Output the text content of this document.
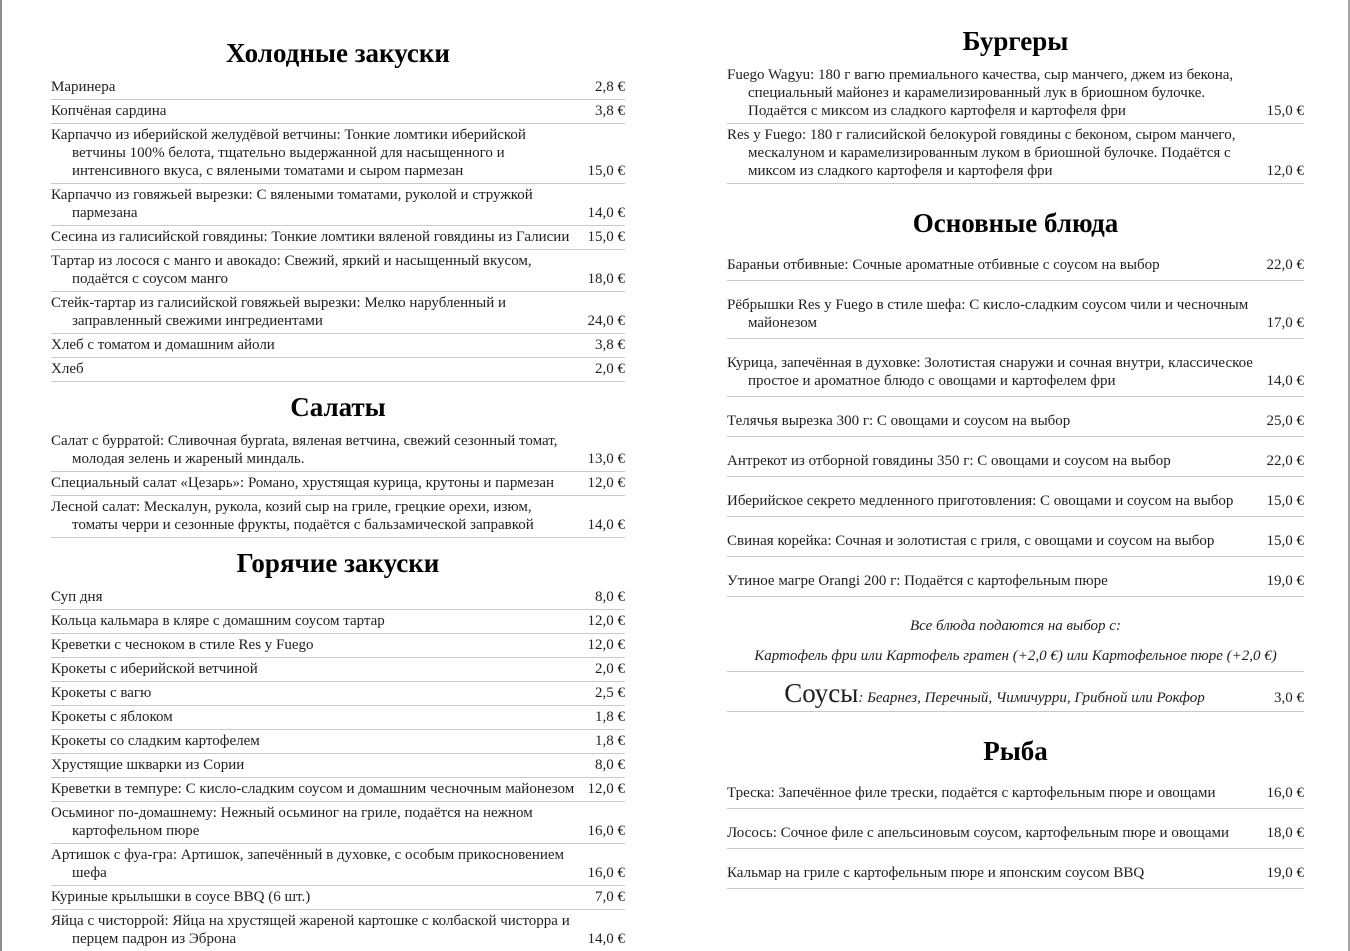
Холодные закуски
Маринера	2,8 €
Копчёная сардина	3,8 €
Карпаччо из иберийской желудёвой ветчины: Тонкие ломтики иберийской ветчины 100% белота, тщательно выдержанной для насыщенного и интенсивного вкуса, с вялеными томатами и сыром пармезан	15,0 €
Карпаччо из говяжьей вырезки: С вялеными томатами, руколой и стружкой пармезана	14,0 €
Сесина из галисийской говядины: Тонкие ломтики вяленой говядины из Галисии	15,0 €
Тартар из лосося с манго и авокадо: Свежий, яркий и насыщенный вкусом, подаётся с соусом манго	18,0 €
Стейк-тартар из галисийской говяжьей вырезки: Мелко нарубленный и заправленный свежими ингредиентами	24,0 €
Хлеб с томатом и домашним айоли	3,8 €
Хлеб	2,0 €
Салаты
Салат с бурратой: Сливочная бурrata, вяленая ветчина, свежий сезонный томат, молодая зелень и жареный миндаль.	13,0 €
Специальный салат «Цезарь»: Романо, хрустящая курица, крутоны и пармезан	12,0 €
Лесной салат: Мескалун, рукола, козий сыр на гриле, грецкие орехи, изюм, томаты черри и сезонные фрукты, подаётся с бальзамической заправкой	14,0 €
Горячие закуски
Суп дня	8,0 €
Кольца кальмара в кляре с домашним соусом тартар	12,0 €
Креветки с чесноком в стиле Res y Fuego	12,0 €
Крокеты с иберийской ветчиной	2,0 €
Крокеты с вагю	2,5 €
Крокеты с яблоком	1,8 €
Крокеты со сладким картофелем	1,8 €
Хрустящие шкварки из Сории	8,0 €
Креветки в темпуре: С кисло-сладким соусом и домашним чесночным майонезом 12,0 €
Осьминог по-домашнему: Нежный осьминог на гриле, подаётся на нежном картофельном пюре	16,0 €
Артишок с фуа-гра: Артишок, запечённый в духовке, с особым прикосновением шефа	16,0 €
Куриные крылышки в соусе BBQ (6 шт.)	7,0 €
Яйца с чисторрой: Яйца на хрустящей жареной картошке с колбаской чисторра и перцем падрон из Эброна	14,0 €
Бургеры
Fuego Wagyu: 180 г вагю премиального качества, сыр манчего, джем из бекона, специальный майонез и карамелизированный лук в бриошном булочке. Подаётся с миксом из сладкого картофеля и картофеля фри	15,0 €
Res y Fuego: 180 г галисийской белокурой говядины с беконом, сыром манчего, мескалуном и карамелизированным луком в бриошной булочке. Подаётся с миксом из сладкого картофеля и картофеля фри	12,0 €
Основные блюда
Бараньи отбивные: Сочные ароматные отбивные с соусом на выбор	22,0 €
Рёбрышки Res y Fuego в стиле шефа: С кисло-сладким соусом чили и чесночным майонезом	17,0 €
Курица, запечённая в духовке: Золотистая снаружи и сочная внутри, классическое простое и ароматное блюдо с овощами и картофелем фри	14,0 €
Телячья вырезка 300 г: С овощами и соусом на выбор	25,0 €
Антрекот из отборной говядины 350 г: С овощами и соусом на выбор	22,0 €
Иберийское секрето медленного приготовления: С овощами и соусом на выбор	15,0 €
Свиная корейка: Сочная и золотистая с гриля, с овощами и соусом на выбор	15,0 €
Утиное магре Orangi 200 г: Подаётся с картофельным пюре	19,0 €
Все блюда подаются на выбор с:
Картофель фри или Картофель гратен (+2,0 €) или Картофельное пюре (+2,0 €)
Соусы: Беарнез, Перечный, Чимичурри, Грибной или Рокфор	3,0 €
Рыба
Треска: Запечённое филе трески, подаётся с картофельным пюре и овощами	16,0 €
Лосось: Сочное филе с апельсиновым соусом, картофельным пюре и овощами	18,0 €
Кальмар на гриле с картофельным пюре и японским соусом BBQ	19,0 €
